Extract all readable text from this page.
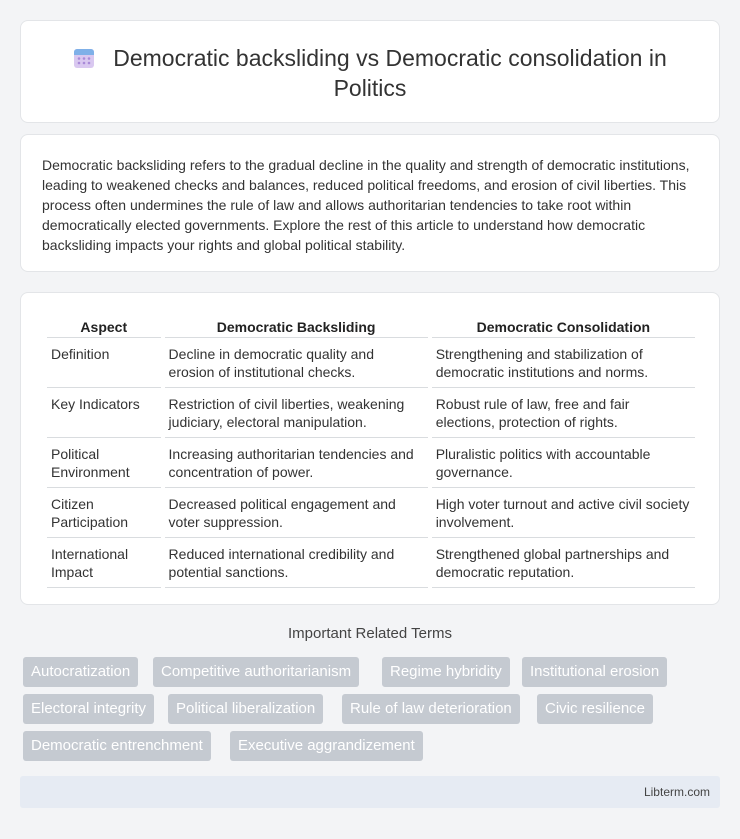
Democratic backsliding vs Democratic consolidation in Politics

Democratic backsliding refers to the gradual decline in the quality and strength of democratic institutions, leading to weakened checks and balances, reduced political freedoms, and erosion of civil liberties. This process often undermines the rule of law and allows authoritarian tendencies to take root within democratically elected governments. Explore the rest of this article to understand how democratic backsliding impacts your rights and global political stability.

Aspect	Democratic Backsliding	Democratic Consolidation
Definition	Decline in democratic quality and erosion of institutional checks.	Strengthening and stabilization of democratic institutions and norms.
Key Indicators	Restriction of civil liberties, weakening judiciary, electoral manipulation.	Robust rule of law, free and fair elections, protection of rights.
Political Environment	Increasing authoritarian tendencies and concentration of power.	Pluralistic politics with accountable governance.
Citizen Participation	Decreased political engagement and voter suppression.	High voter turnout and active civil society involvement.
International Impact	Reduced international credibility and potential sanctions.	Strengthened global partnerships and democratic reputation.
Important Related Terms
Autocratization	Competitive authoritarianism	Regime hybridity	Institutional erosion
Electoral integrity	Political liberalization	Rule of law deterioration	Civic resilience
Democratic entrenchment	Executive aggrandizement
Libterm.com
